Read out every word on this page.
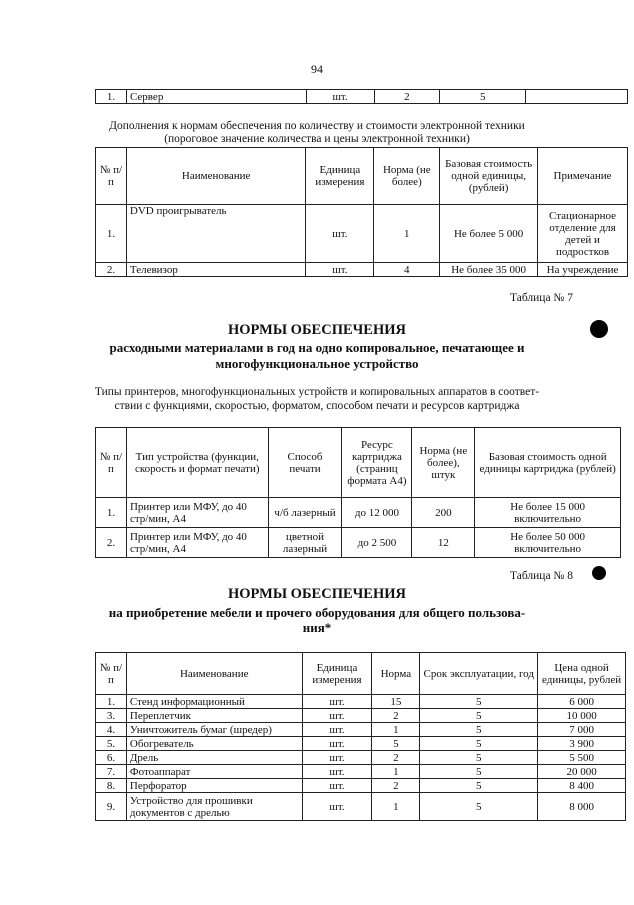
94
1.	Сервер	шт.	2	5	
Дополнения к нормам обеспечения по количеству и стоимости электронной техники
(пороговое значение количества и цены электронной техники)
№ п/п	Наименование	Единица измерения	Норма (не более)	Базовая стоимость одной единицы, (рублей)	Примечание
1.	DVD проигрыватель	шт.	1	Не более 5 000	Стационарное отделение для детей и подростков
2.	Телевизор	шт.	4	Не более 35 000	На учреждение
Таблица № 7
НОРМЫ ОБЕСПЕЧЕНИЯ
расходными материалами в год на одно копировальное, печатающее и
многофункциональное устройство
Типы принтеров, многофункциональных устройств и копировальных аппаратов в соответ-
ствии с функциями, скоростью, форматом, способом печати и ресурсов картриджа
№ п/п	Тип устройства (функции, скорость и формат печати)	Способ печати	Ресурс картриджа (страниц формата А4)	Норма (не более), штук	Базовая стоимость одной единицы картриджа (рублей)
1.	Принтер или МФУ, до 40 стр/мин, А4	ч/б лазерный	до 12 000	200	Не более 15 000 включительно
2.	Принтер или МФУ, до 40 стр/мин, А4	цветной лазерный	до 2 500	12	Не более 50 000 включительно
Таблица № 8
НОРМЫ ОБЕСПЕЧЕНИЯ
на приобретение мебели и прочего оборудования для общего пользова-
ния*
№ п/п	Наименование	Единица измерения	Норма	Срок эксплуатации, год	Цена одной единицы, рублей
1.	Стенд информационный	шт.	15	5	6 000
3.	Переплетчик	шт.	2	5	10 000
4.	Уничтожитель бумаг (шредер)	шт.	1	5	7 000
5.	Обогреватель	шт.	5	5	3 900
6.	Дрель	шт.	2	5	5 500
7.	Фотоаппарат	шт.	1	5	20 000
8.	Перфоратор	шт.	2	5	8 400
9.	Устройство для прошивки документов с дрелью	шт.	1	5	8 000
